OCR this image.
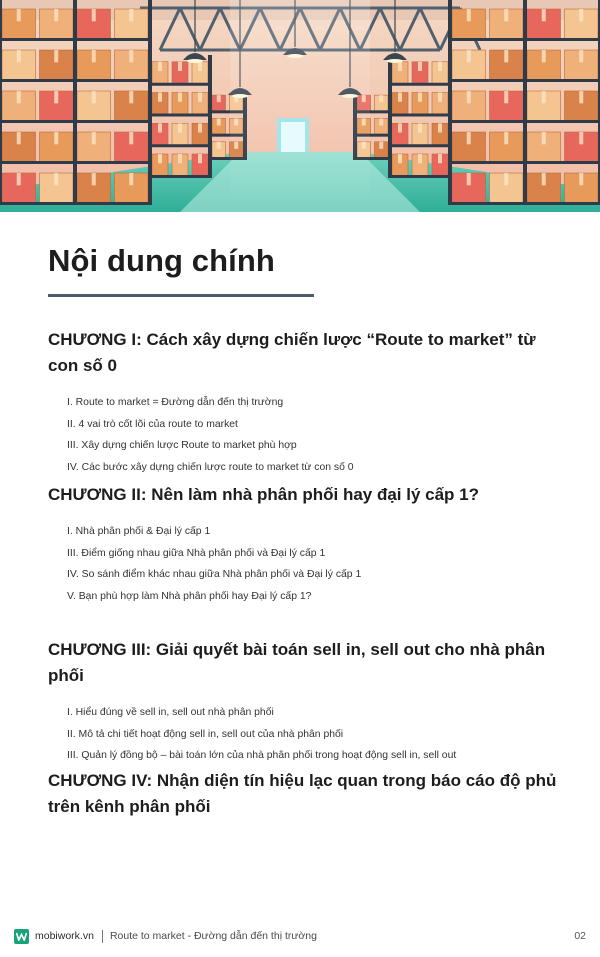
Nội dung chính
CHƯƠNG I: Cách xây dựng chiến lược “Route to market” từ con số 0
I. Route to market = Đường dẫn đến thị trường
II. 4 vai trò cốt lõi của route to market
III. Xây dựng chiến lược Route to market phù hợp
IV. Các bước xây dựng chiến lược route to market từ con số 0
CHƯƠNG II: Nên làm nhà phân phối hay đại lý cấp 1?
I. Nhà phân phối & Đại lý cấp 1
III. Điểm giống nhau giữa Nhà phân phối và Đại lý cấp 1
IV. So sánh điểm khác nhau giữa Nhà phân phối và Đại lý cấp 1
V. Bạn phù hợp làm Nhà phân phối hay Đại lý cấp 1?
CHƯƠNG III: Giải quyết bài toán sell in, sell out cho nhà phân phối
I. Hiểu đúng về sell in, sell out nhà phân phối
II. Mô tả chi tiết hoạt động sell in, sell out của nhà phân phối
III. Quản lý đồng bộ – bài toán lớn của nhà phân phối trong hoạt động sell in, sell out
CHƯƠNG IV: Nhận diện tín hiệu lạc quan trong báo cáo độ phủ trên kênh phân phối
mobiwork.vn Route to market - Đường dẫn đến thị trường	02
